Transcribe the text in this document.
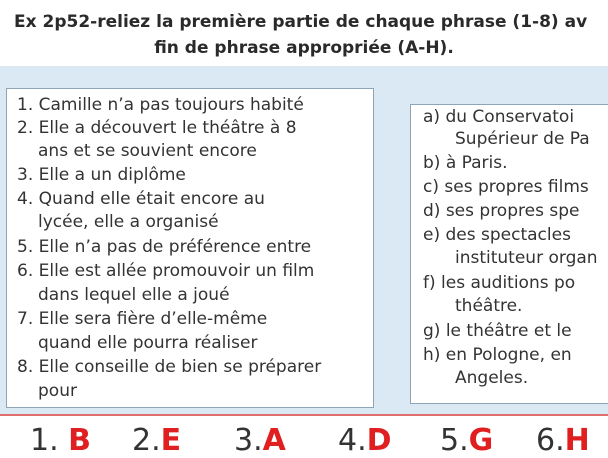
Ex 2p52-reliez la première partie de chaque phrase (1-8) av
fin de phrase appropriée (A-H).
1. Camille n’a pas toujours habité
2. Elle a découvert le théâtre à 8
ans et se souvient encore
3. Elle a un diplôme
4. Quand elle était encore au
lycée, elle a organisé
5. Elle n’a pas de préférence entre
6. Elle est allée promouvoir un film
dans lequel elle a joué
7. Elle sera fière d’elle-même
quand elle pourra réaliser
8. Elle conseille de bien se préparer
pour
a) du Conservatoi
Supérieur de Pa
b) à Paris.
c) ses propres films
d) ses propres spe
e) des spectacles
instituteur organ
f) les auditions po
théâtre.
g) le théâtre et le
h) en Pologne, en
Angeles.
1. B 2.E 3.A 4.D 5.G 6.H
